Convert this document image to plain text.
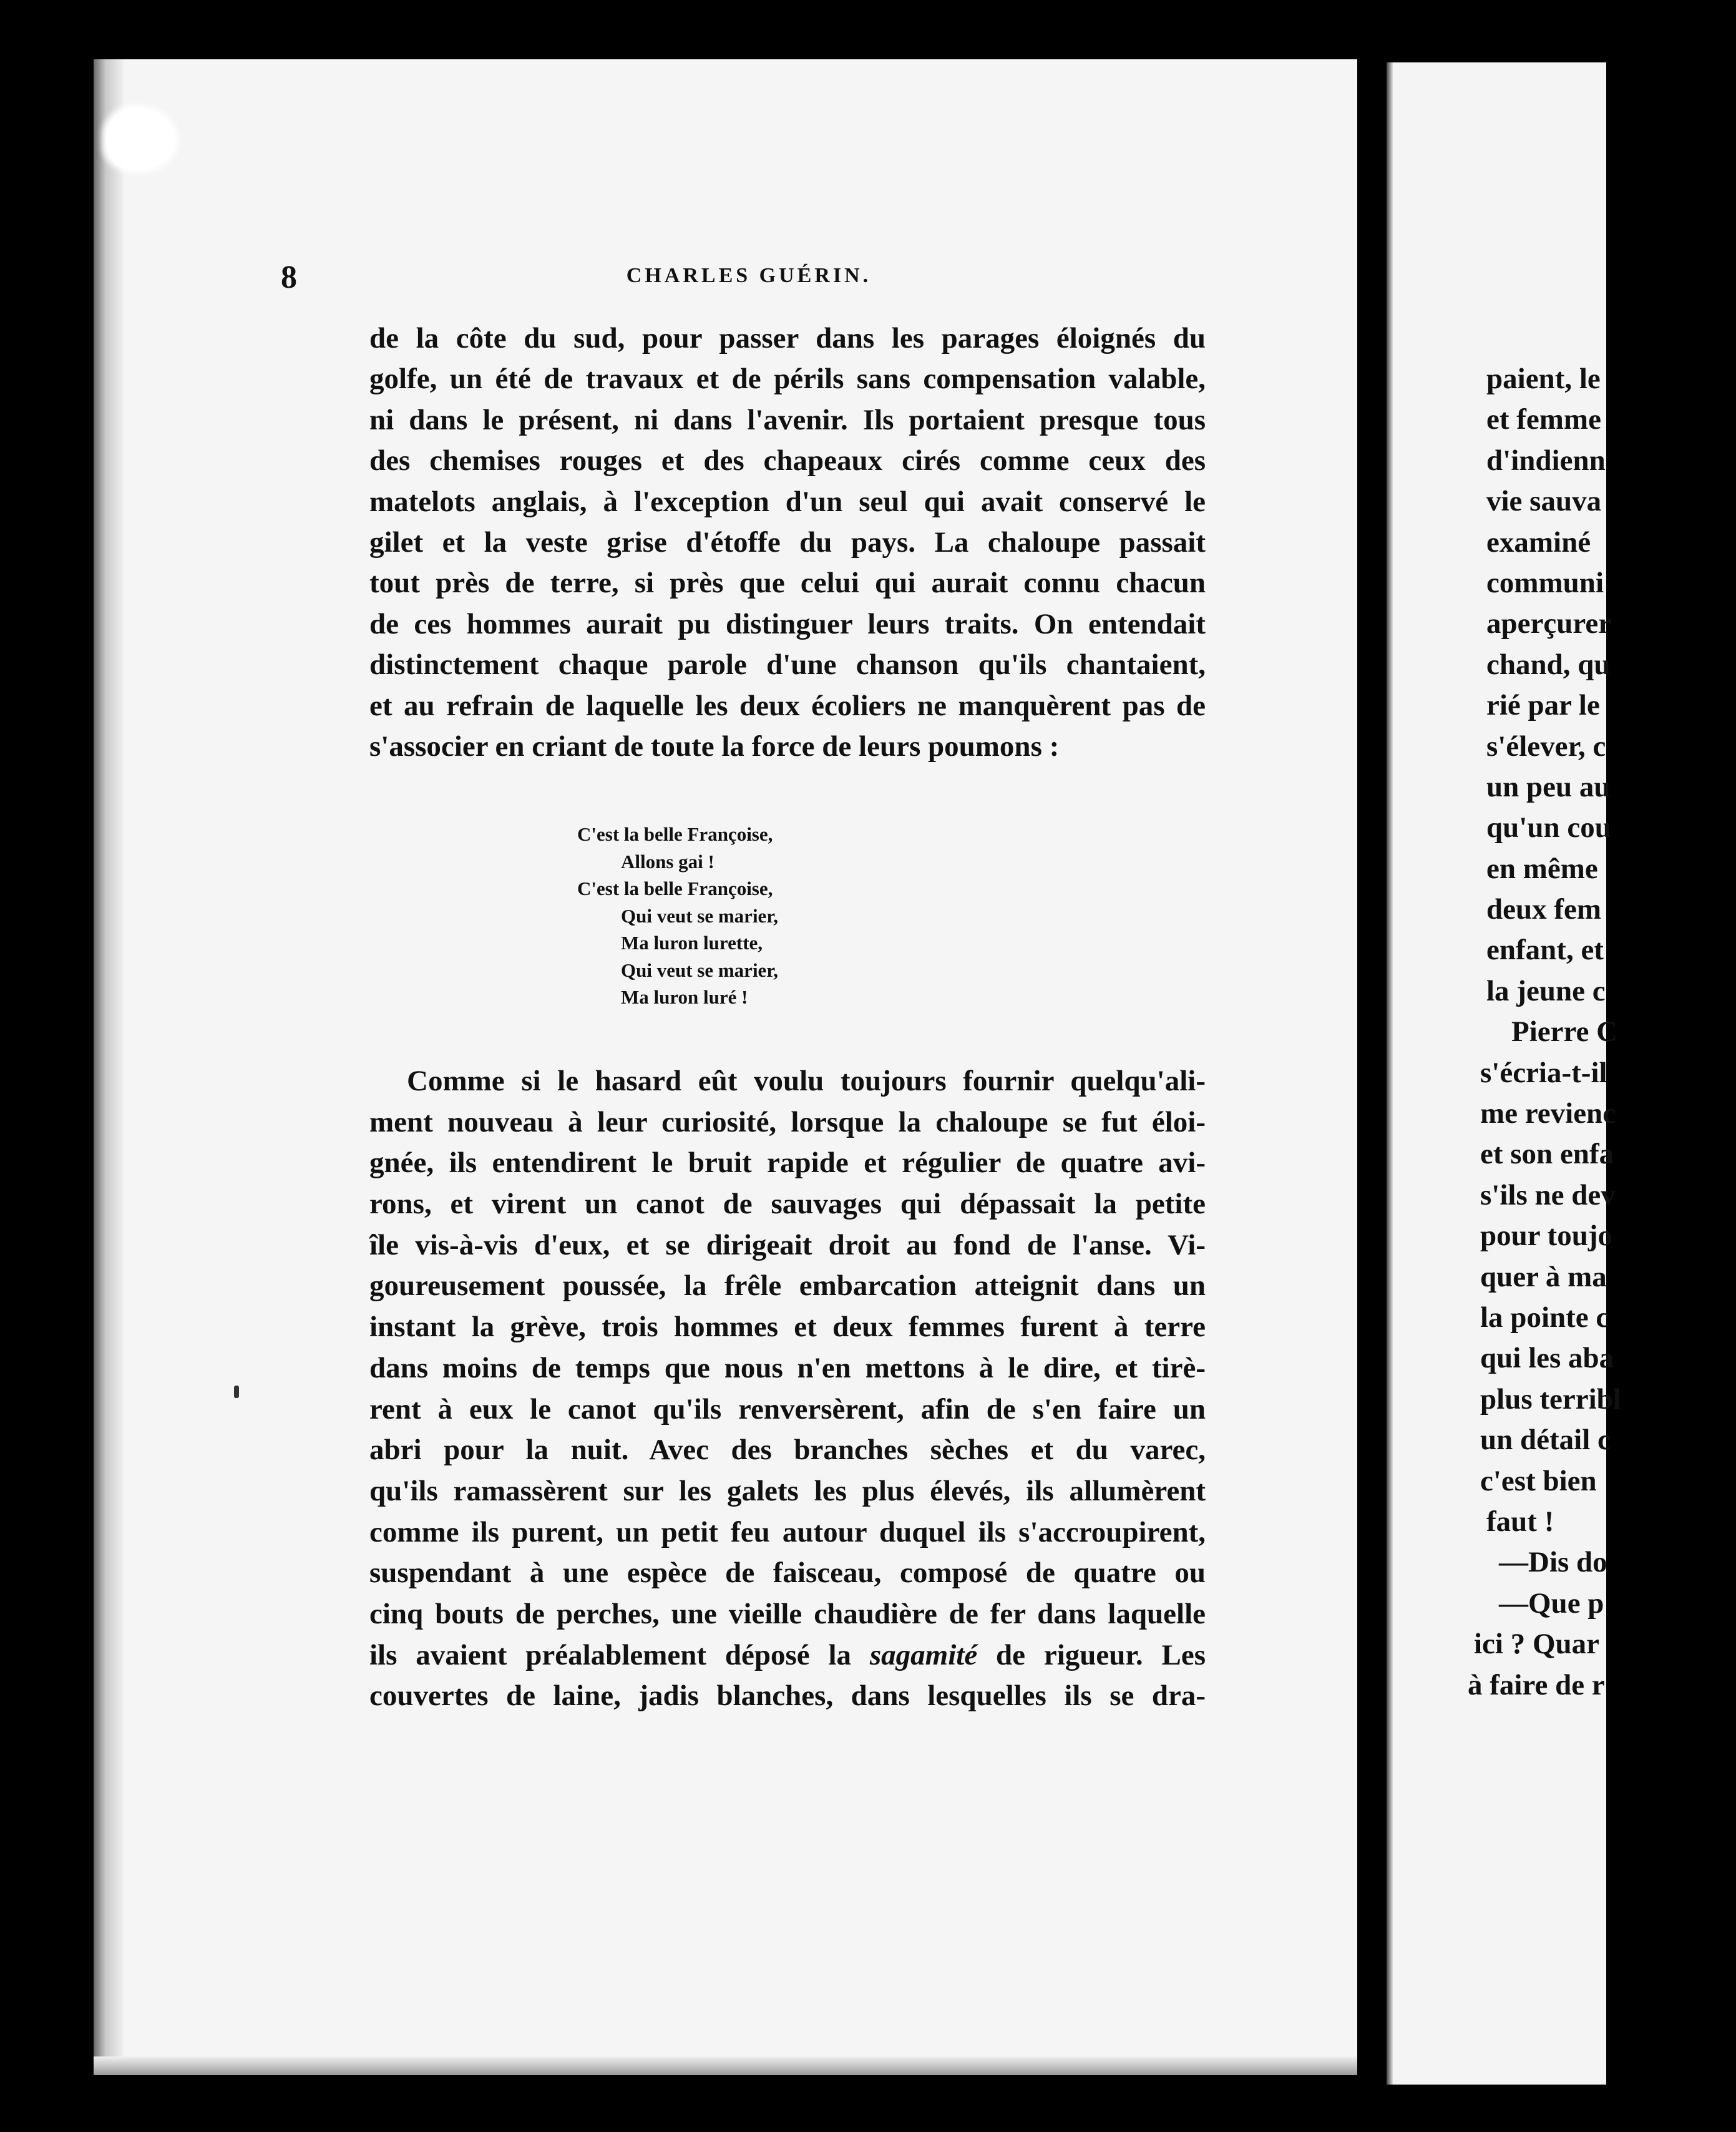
8	CHARLES GUÉRIN.
de la côte du sud, pour passer dans les parages éloignés du
golfe, un été de travaux et de périls sans compensation valable,
ni dans le présent, ni dans l'avenir. Ils portaient presque tous
des chemises rouges et des chapeaux cirés comme ceux des
matelots anglais, à l'exception d'un seul qui avait conservé le
gilet et la veste grise d'étoffe du pays. La chaloupe passait
tout près de terre, si près que celui qui aurait connu chacun
de ces hommes aurait pu distinguer leurs traits. On entendait
distinctement chaque parole d'une chanson qu'ils chantaient,
et au refrain de laquelle les deux écoliers ne manquèrent pas de
s'associer en criant de toute la force de leurs poumons :
C'est la belle Françoise,
Allons gai !
C'est la belle Françoise,
Qui veut se marier,
Ma luron lurette,
Qui veut se marier,
Ma luron luré !
Comme si le hasard eût voulu toujours fournir quelqu'ali-
ment nouveau à leur curiosité, lorsque la chaloupe se fut éloi-
gnée, ils entendirent le bruit rapide et régulier de quatre avi-
rons, et virent un canot de sauvages qui dépassait la petite
île vis-à-vis d'eux, et se dirigeait droit au fond de l'anse. Vi-
goureusement poussée, la frêle embarcation atteignit dans un
instant la grève, trois hommes et deux femmes furent à terre
dans moins de temps que nous n'en mettons à le dire, et tirè-
rent à eux le canot qu'ils renversèrent, afin de s'en faire un
abri pour la nuit. Avec des branches sèches et du varec,
qu'ils ramassèrent sur les galets les plus élevés, ils allumèrent
comme ils purent, un petit feu autour duquel ils s'accroupirent,
suspendant à une espèce de faisceau, composé de quatre ou
cinq bouts de perches, une vieille chaudière de fer dans laquelle
ils avaient préalablement déposé la sagamité de rigueur. Les
couvertes de laine, jadis blanches, dans lesquelles ils se dra-
paient, le
et femme
d'indienn
vie sauva
examiné
communi
aperçurer
chand, qu
rié par le
s'élever, c
un peu au
qu'un cou
en même
deux fem
enfant, et
la jeune c
Pierre C
s'écria-t-il
me revienc
et son enfa
s'ils ne dev
pour toujo
quer à ma
la pointe c
qui les aba
plus terribl
un détail c
c'est bien
faut !
—Dis do
—Que p
ici ? Quar
à faire de r
